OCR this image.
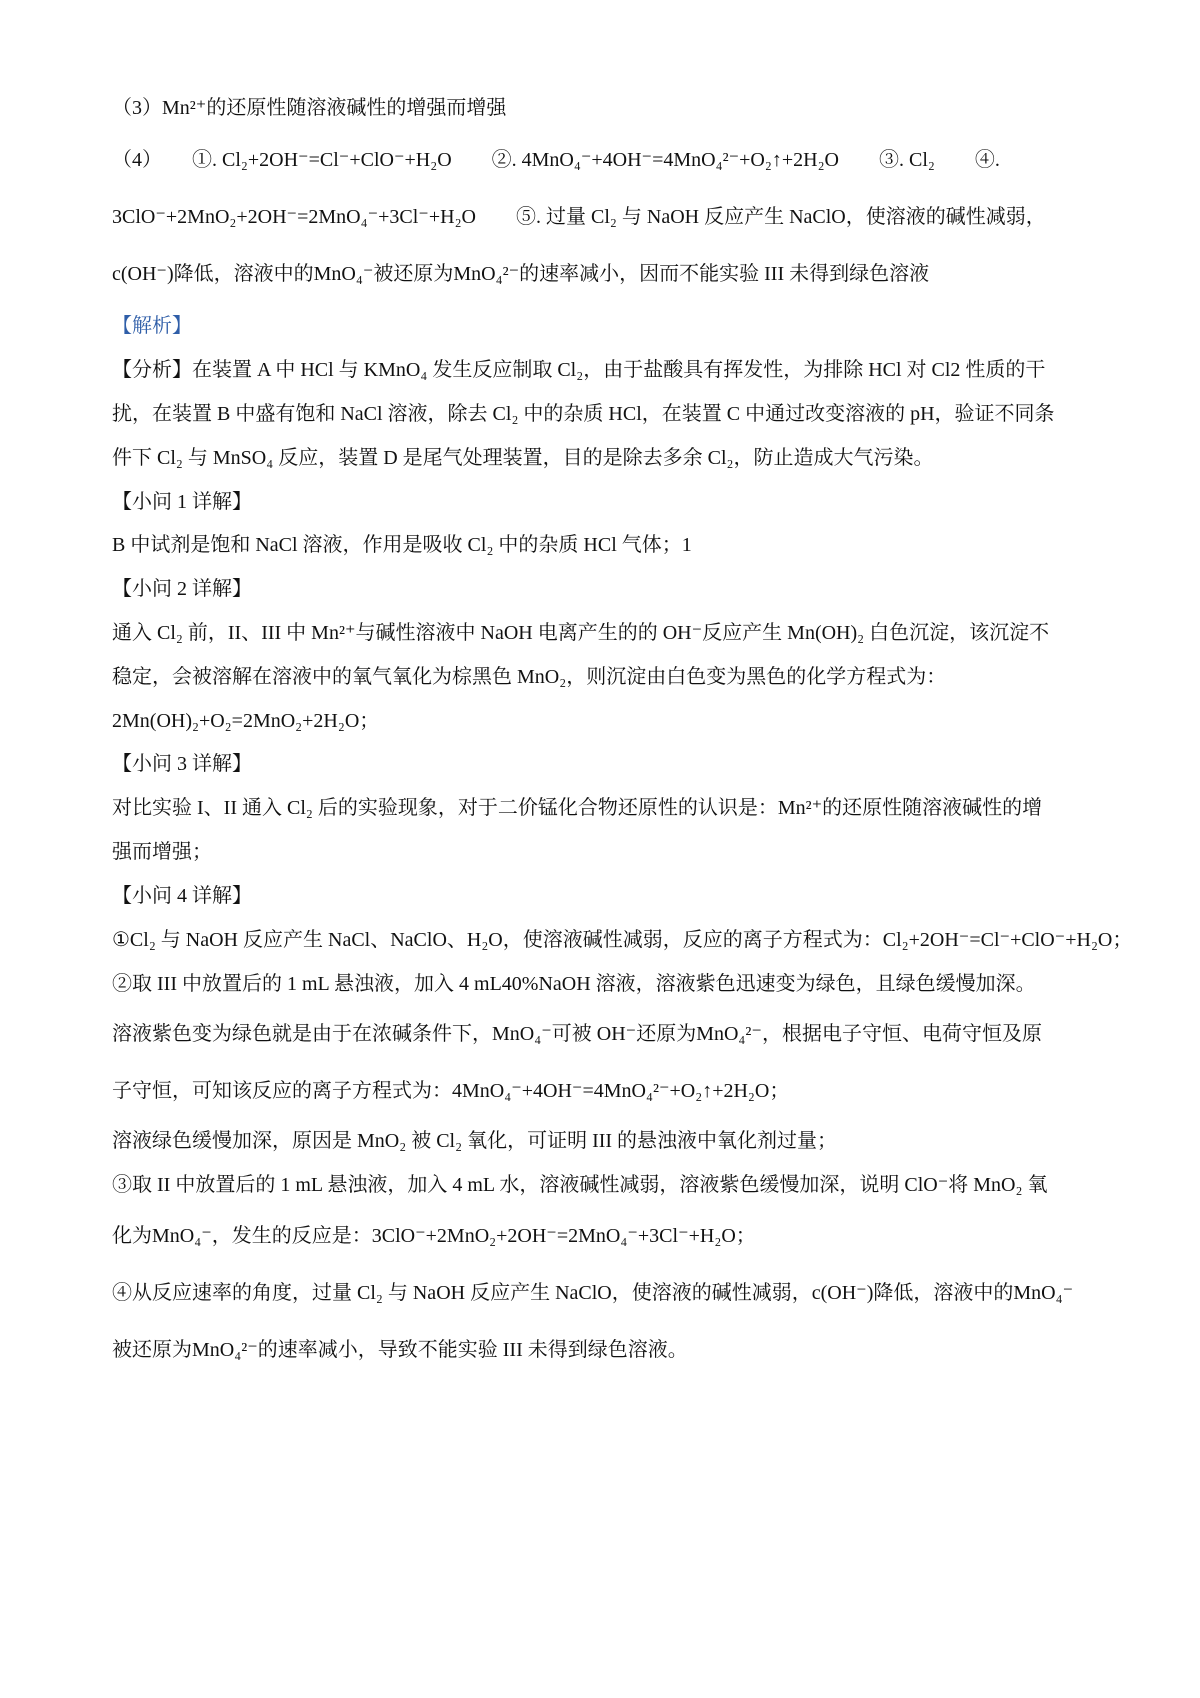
（3）Mn²⁺的还原性随溶液碱性的增强而增强
（4）　　①. Cl₂+2OH⁻=Cl⁻+ClO⁻+H₂O　　②. 4MnO₄⁻+4OH⁻=4MnO₄²⁻+O₂↑+2H₂O　　③. Cl₂　　④.
3ClO⁻+2MnO₂+2OH⁻=2MnO₄⁻+3Cl⁻+H₂O　　⑤. 过量 Cl₂ 与 NaOH 反应产生 NaClO，使溶液的碱性减弱，
c(OH⁻)降低，溶液中的MnO₄⁻被还原为MnO₄²⁻的速率减小，因而不能实验 III 未得到绿色溶液
【解析】
【分析】在装置 A 中 HCl 与 KMnO₄ 发生反应制取 Cl₂，由于盐酸具有挥发性，为排除 HCl 对 Cl2 性质的干
扰，在装置 B 中盛有饱和 NaCl 溶液，除去 Cl₂ 中的杂质 HCl，在装置 C 中通过改变溶液的 pH，验证不同条
件下 Cl₂ 与 MnSO₄ 反应，装置 D 是尾气处理装置，目的是除去多余 Cl₂，防止造成大气污染。
【小问 1 详解】
B 中试剂是饱和 NaCl 溶液，作用是吸收 Cl₂ 中的杂质 HCl 气体；1
【小问 2 详解】
通入 Cl₂ 前，II、III 中 Mn²⁺与碱性溶液中 NaOH 电离产生的的 OH⁻反应产生 Mn(OH)₂ 白色沉淀，该沉淀不
稳定，会被溶解在溶液中的氧气氧化为棕黑色 MnO₂，则沉淀由白色变为黑色的化学方程式为：
2Mn(OH)₂+O₂=2MnO₂+2H₂O；
【小问 3 详解】
对比实验 I、II 通入 Cl₂ 后的实验现象，对于二价锰化合物还原性的认识是：Mn²⁺的还原性随溶液碱性的增
强而增强；
【小问 4 详解】
①Cl₂ 与 NaOH 反应产生 NaCl、NaClO、H₂O，使溶液碱性减弱，反应的离子方程式为：Cl₂+2OH⁻=Cl⁻+ClO⁻+H₂O；
②取 III 中放置后的 1 mL 悬浊液，加入 4 mL40%NaOH 溶液，溶液紫色迅速变为绿色，且绿色缓慢加深。
溶液紫色变为绿色就是由于在浓碱条件下，MnO₄⁻可被 OH⁻还原为MnO₄²⁻，根据电子守恒、电荷守恒及原
子守恒，可知该反应的离子方程式为：4MnO₄⁻+4OH⁻=4MnO₄²⁻+O₂↑+2H₂O；
溶液绿色缓慢加深，原因是 MnO₂ 被 Cl₂ 氧化，可证明 III 的悬浊液中氧化剂过量；
③取 II 中放置后的 1 mL 悬浊液，加入 4 mL 水，溶液碱性减弱，溶液紫色缓慢加深，说明 ClO⁻将 MnO₂ 氧
化为MnO₄⁻，发生的反应是：3ClO⁻+2MnO₂+2OH⁻=2MnO₄⁻+3Cl⁻+H₂O；
④从反应速率的角度，过量 Cl₂ 与 NaOH 反应产生 NaClO，使溶液的碱性减弱，c(OH⁻)降低，溶液中的MnO₄⁻
被还原为MnO₄²⁻的速率减小，导致不能实验 III 未得到绿色溶液。
